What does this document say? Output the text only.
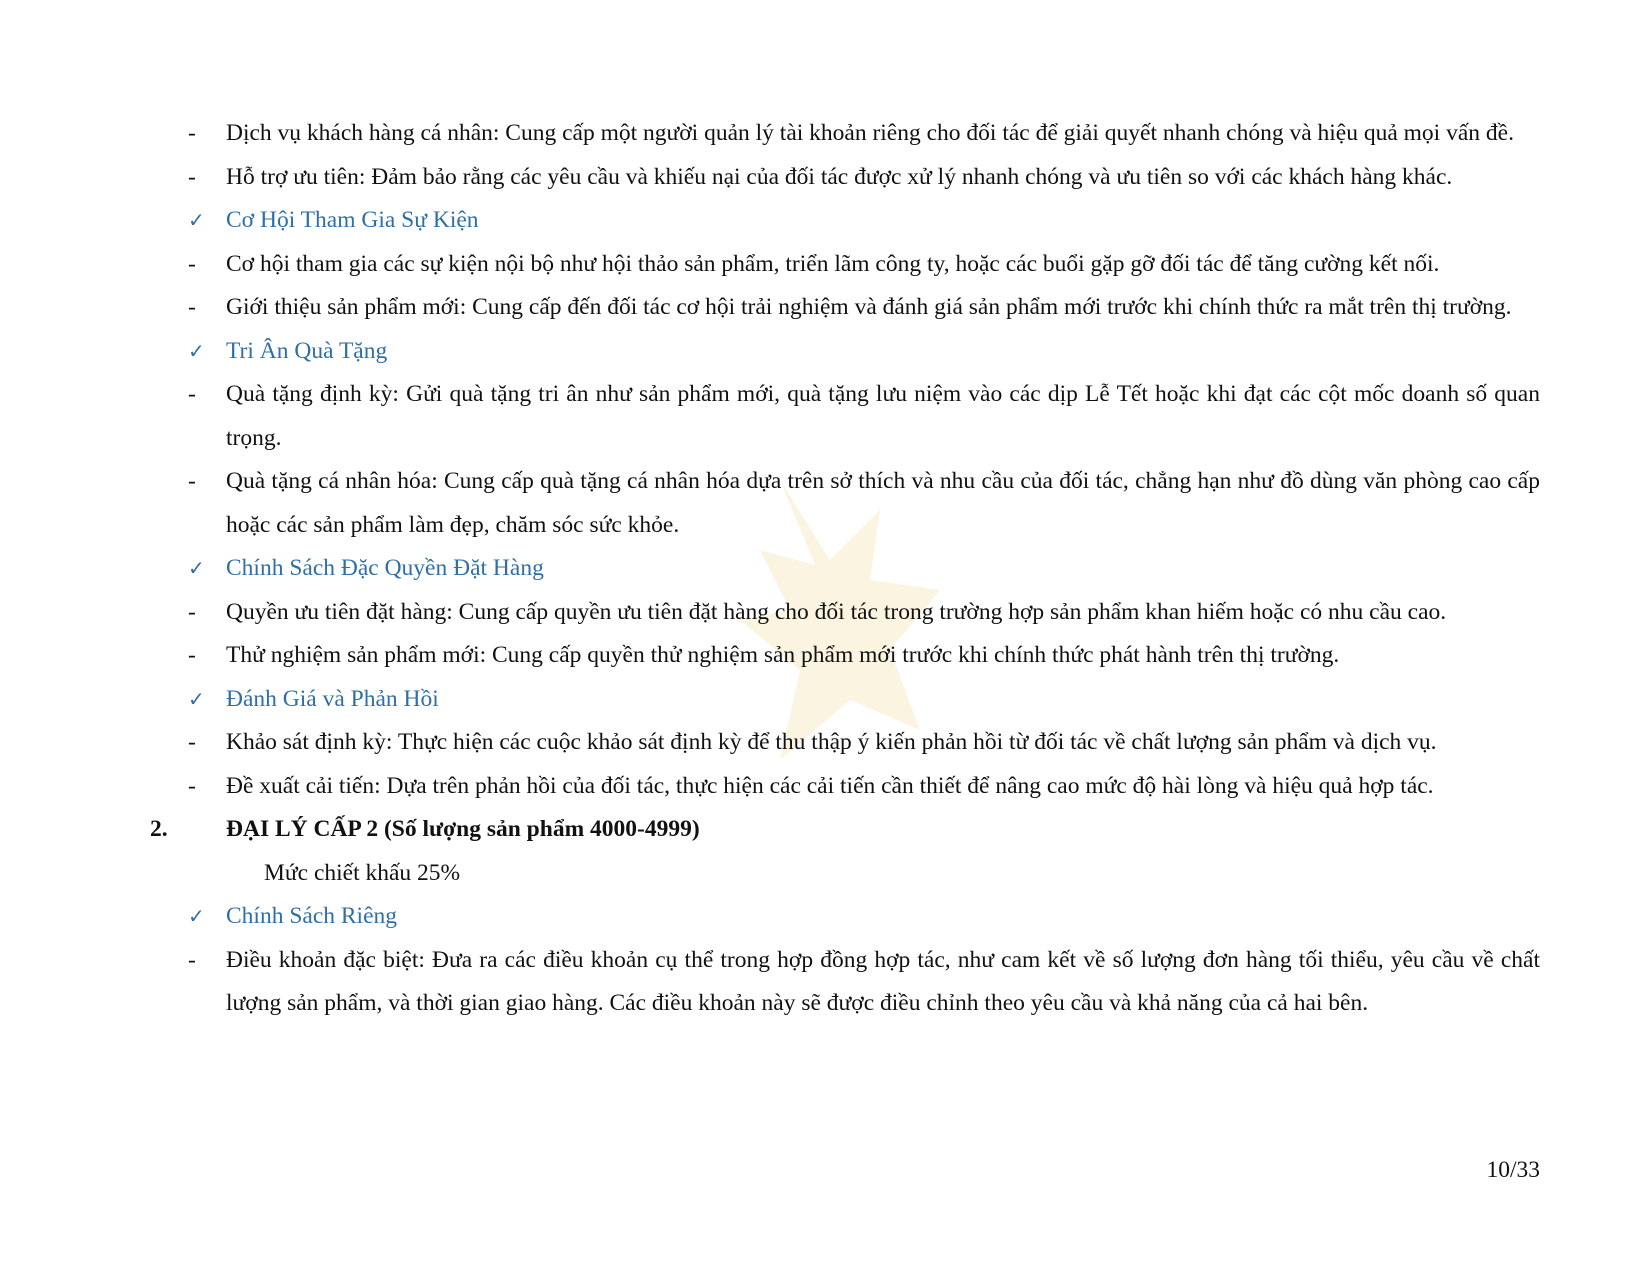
-	Dịch vụ khách hàng cá nhân: Cung cấp một người quản lý tài khoản riêng cho đối tác để giải quyết nhanh chóng và hiệu quả mọi vấn đề.
-	Hỗ trợ ưu tiên: Đảm bảo rằng các yêu cầu và khiếu nại của đối tác được xử lý nhanh chóng và ưu tiên so với các khách hàng khác.
✓ Cơ Hội Tham Gia Sự Kiện
-	Cơ hội tham gia các sự kiện nội bộ như hội thảo sản phẩm, triển lãm công ty, hoặc các buổi gặp gỡ đối tác để tăng cường kết nối.
-	Giới thiệu sản phẩm mới: Cung cấp đến đối tác cơ hội trải nghiệm và đánh giá sản phẩm mới trước khi chính thức ra mắt trên thị trường.
✓ Tri Ân Quà Tặng
-	Quà tặng định kỳ: Gửi quà tặng tri ân như sản phẩm mới, quà tặng lưu niệm vào các dịp Lễ Tết hoặc khi đạt các cột mốc doanh số quan trọng.
-	Quà tặng cá nhân hóa: Cung cấp quà tặng cá nhân hóa dựa trên sở thích và nhu cầu của đối tác, chẳng hạn như đồ dùng văn phòng cao cấp hoặc các sản phẩm làm đẹp, chăm sóc sức khỏe.
✓ Chính Sách Đặc Quyền Đặt Hàng
-	Quyền ưu tiên đặt hàng: Cung cấp quyền ưu tiên đặt hàng cho đối tác trong trường hợp sản phẩm khan hiếm hoặc có nhu cầu cao.
-	Thử nghiệm sản phẩm mới: Cung cấp quyền thử nghiệm sản phẩm mới trước khi chính thức phát hành trên thị trường.
✓ Đánh Giá và Phản Hồi
-	Khảo sát định kỳ: Thực hiện các cuộc khảo sát định kỳ để thu thập ý kiến phản hồi từ đối tác về chất lượng sản phẩm và dịch vụ.
-	Đề xuất cải tiến: Dựa trên phản hồi của đối tác, thực hiện các cải tiến cần thiết để nâng cao mức độ hài lòng và hiệu quả hợp tác.
2.	ĐẠI LÝ CẤP 2 (Số lượng sản phẩm 4000-4999)
Mức chiết khấu 25%
✓ Chính Sách Riêng
-	Điều khoản đặc biệt: Đưa ra các điều khoản cụ thể trong hợp đồng hợp tác, như cam kết về số lượng đơn hàng tối thiểu, yêu cầu về chất lượng sản phẩm, và thời gian giao hàng. Các điều khoản này sẽ được điều chỉnh theo yêu cầu và khả năng của cả hai bên.
10/33
